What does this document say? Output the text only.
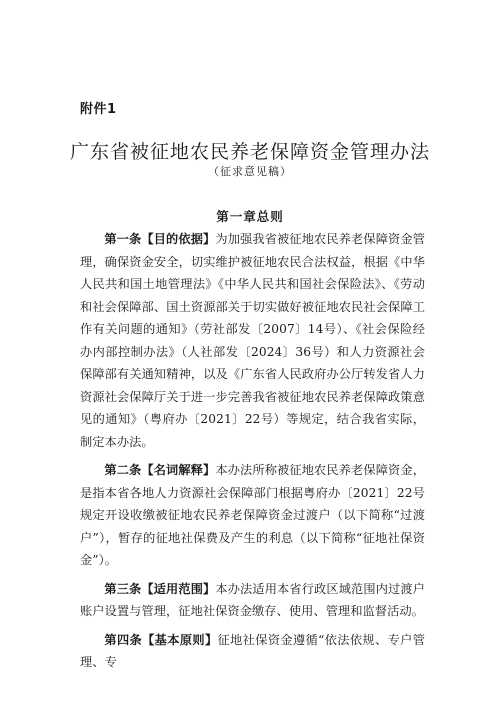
附件1
广东省被征地农民养老保障资金管理办法
（征求意见稿）
第一章总则

第一条【目的依据】为加强我省被征地农民养老保障资金管理，确保资金安全，切实维护被征地农民合法权益，根据《中华人民共和国土地管理法》《中华人民共和国社会保险法》、《劳动和社会保障部、国土资源部关于切实做好被征地农民社会保障工作有关问题的通知》（劳社部发〔2007〕14号）、《社会保险经办内部控制办法》（人社部发〔2024〕36号）和人力资源社会保障部有关通知精神，以及《广东省人民政府办公厅转发省人力资源社会保障厅关于进一步完善我省被征地农民养老保障政策意见的通知》（粤府办〔2021〕22号）等规定，结合我省实际，制定本办法。

第二条【名词解释】本办法所称被征地农民养老保障资金，是指本省各地人力资源社会保障部门根据粤府办〔2021〕22号规定开设收缴被征地农民养老保障资金过渡户（以下简称“过渡户”），暂存的征地社保费及产生的利息（以下简称“征地社保资金”）。

第三条【适用范围】本办法适用本省行政区域范围内过渡户账户设置与管理，征地社保资金缴存、使用、管理和监督活动。

第四条【基本原则】征地社保资金遵循“依法依规、专户管理、专
